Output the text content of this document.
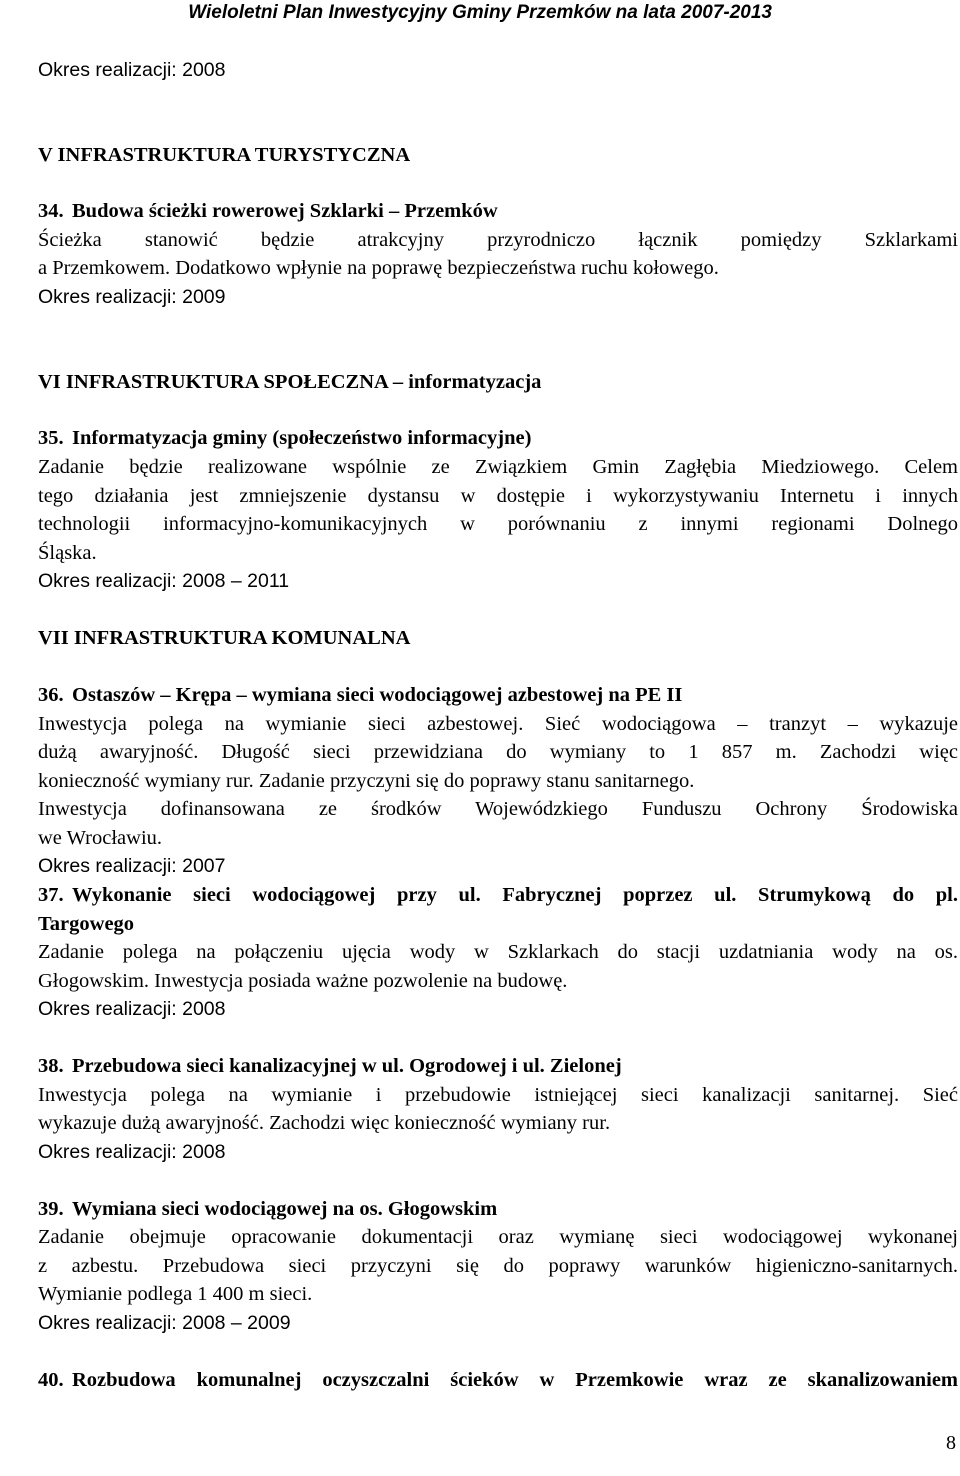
Wieloletni Plan Inwestycyjny Gminy Przemków na lata 2007-2013

Okres realizacji: 2008

V INFRASTRUKTURA TURYSTYCZNA

34. Budowa ścieżki rowerowej Szklarki – Przemków

Ścieżka stanowić będzie atrakcyjny przyrodniczo łącznik pomiędzy Szklarkami

a Przemkowem. Dodatkowo wpłynie na poprawę bezpieczeństwa ruchu kołowego.

Okres realizacji: 2009

VI INFRASTRUKTURA SPOŁECZNA – informatyzacja

35. Informatyzacja gminy (społeczeństwo informacyjne)

Zadanie będzie realizowane wspólnie ze Związkiem Gmin Zagłębia Miedziowego. Celem

tego działania jest zmniejszenie dystansu w dostępie i wykorzystywaniu Internetu i innych

technologii informacyjno-komunikacyjnych w porównaniu z innymi regionami Dolnego

Śląska.

Okres realizacji: 2008 – 2011

VII INFRASTRUKTURA KOMUNALNA

36. Ostaszów – Krępa – wymiana sieci wodociągowej azbestowej na PE II

Inwestycja polega na wymianie sieci azbestowej. Sieć wodociągowa – tranzyt – wykazuje

dużą awaryjność. Długość sieci przewidziana do wymiany to 1 857 m. Zachodzi więc

konieczność wymiany rur. Zadanie przyczyni się do poprawy stanu sanitarnego.

Inwestycja dofinansowana ze środków Wojewódzkiego Funduszu Ochrony Środowiska

we Wrocławiu.

Okres realizacji: 2007

37. Wykonanie sieci wodociągowej przy ul. Fabrycznej poprzez ul. Strumykową do pl.

Targowego

Zadanie polega na połączeniu ujęcia wody w Szklarkach do stacji uzdatniania wody na os.

Głogowskim. Inwestycja posiada ważne pozwolenie na budowę.

Okres realizacji: 2008

38. Przebudowa sieci kanalizacyjnej w ul. Ogrodowej i ul. Zielonej

Inwestycja polega na wymianie i przebudowie istniejącej sieci kanalizacji sanitarnej. Sieć

wykazuje dużą awaryjność. Zachodzi więc konieczność wymiany rur.

Okres realizacji: 2008

39. Wymiana sieci wodociągowej na os. Głogowskim

Zadanie obejmuje opracowanie dokumentacji oraz wymianę sieci wodociągowej wykonanej

z azbestu. Przebudowa sieci przyczyni się do poprawy warunków higieniczno-sanitarnych.

Wymianie podlega 1 400 m sieci.

Okres realizacji: 2008 – 2009

40. Rozbudowa komunalnej oczyszczalni ścieków w Przemkowie wraz ze skanalizowaniem

8
